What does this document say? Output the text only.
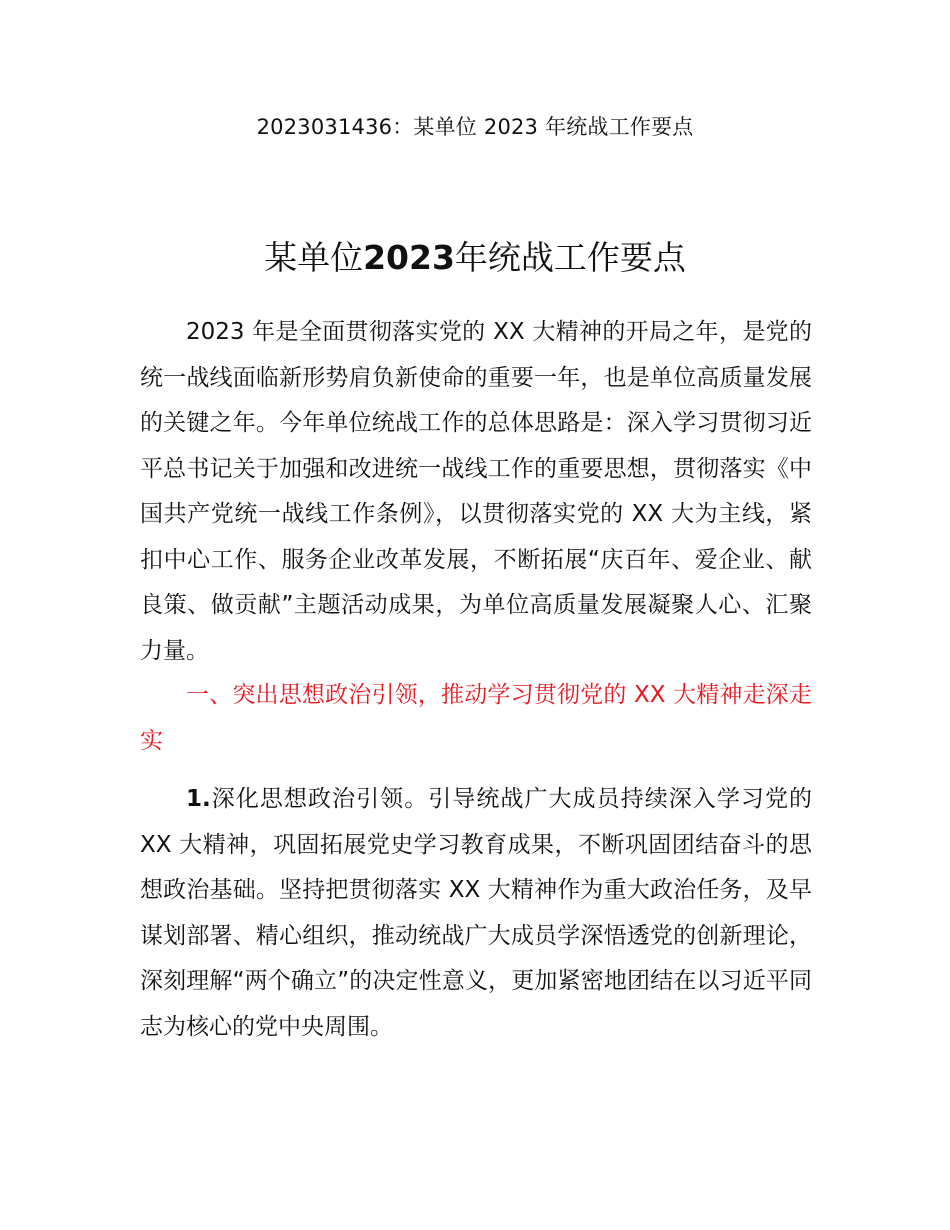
2023031436：某单位 2023 年统战工作要点
某单位2023年统战工作要点

2023 年是全面贯彻落实党的 XX 大精神的开局之年，是党的统一战线面临新形势肩负新使命的重要一年，也是单位高质量发展的关键之年。今年单位统战工作的总体思路是：深入学习贯彻习近平总书记关于加强和改进统一战线工作的重要思想，贯彻落实《中国共产党统一战线工作条例》，以贯彻落实党的 XX 大为主线，紧扣中心工作、服务企业改革发展，不断拓展“庆百年、爱企业、献良策、做贡献”主题活动成果，为单位高质量发展凝聚人心、汇聚力量。

一、突出思想政治引领，推动学习贯彻党的 XX 大精神走深走实

1.深化思想政治引领。引导统战广大成员持续深入学习党的 XX 大精神，巩固拓展党史学习教育成果，不断巩固团结奋斗的思想政治基础。坚持把贯彻落实 XX 大精神作为重大政治任务，及早谋划部署、精心组织，推动统战广大成员学深悟透党的创新理论，深刻理解“两个确立”的决定性意义，更加紧密地团结在以习近平同志为核心的党中央周围。
